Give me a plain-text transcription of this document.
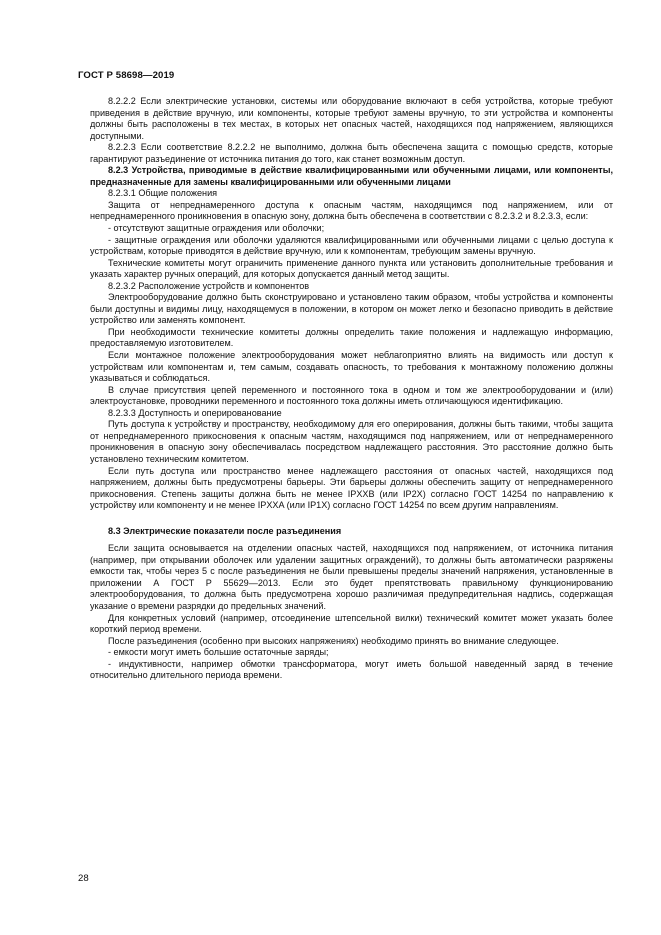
ГОСТ Р 58698—2019

8.2.2.2 Если электрические установки, системы или оборудование включают в себя устройства, которые требуют приведения в действие вручную, или компоненты, которые требуют замены вручную, то эти устройства и компоненты должны быть расположены в тех местах, в которых нет опасных частей, находящихся под напряжением, являющихся доступными.

8.2.2.3 Если соответствие 8.2.2.2 не выполнимо, должна быть обеспечена защита с помощью средств, которые гарантируют разъединение от источника питания до того, как станет возможным доступ.

8.2.3 Устройства, приводимые в действие квалифицированными или обученными лицами, или компоненты, предназначенные для замены квалифицированными или обученными лицами

8.2.3.1 Общие положения

Защита от непреднамеренного доступа к опасным частям, находящимся под напряжением, или от непреднамеренного проникновения в опасную зону, должна быть обеспечена в соответствии с 8.2.3.2 и 8.2.3.3, если:

- отсутствуют защитные ограждения или оболочки;

- защитные ограждения или оболочки удаляются квалифицированными или обученными лицами с целью доступа к устройствам, которые приводятся в действие вручную, или к компонентам, требующим замены вручную.

Технические комитеты могут ограничить применение данного пункта или установить дополнительные требования и указать характер ручных операций, для которых допускается данный метод защиты.

8.2.3.2 Расположение устройств и компонентов

Электрооборудование должно быть сконструировано и установлено таким образом, чтобы устройства и компоненты были доступны и видимы лицу, находящемуся в положении, в котором он может легко и безопасно приводить в действие устройство или заменять компонент.

При необходимости технические комитеты должны определить такие положения и надлежащую информацию, предоставляемую изготовителем.

Если монтажное положение электрооборудования может неблагоприятно влиять на видимость или доступ к устройствам или компонентам и, тем самым, создавать опасность, то требования к монтажному положению должны указываться и соблюдаться.

В случае присутствия цепей переменного и постоянного тока в одном и том же электрооборудовании и (или) электроустановке, проводники переменного и постоянного тока должны иметь отличающуюся идентификацию.

8.2.3.3 Доступность и оперированование

Путь доступа к устройству и пространству, необходимому для его оперирования, должны быть такими, чтобы защита от непреднамеренного прикосновения к опасным частям, находящимся под напряжением, или от непреднамеренного проникновения в опасную зону обеспечивалась посредством надлежащего расстояния. Это расстояние должно быть установлено техническим комитетом.

Если путь доступа или пространство менее надлежащего расстояния от опасных частей, находящихся под напряжением, должны быть предусмотрены барьеры. Эти барьеры должны обеспечить защиту от непреднамеренного прикосновения. Степень защиты должна быть не менее IPXXB (или IP2X) согласно ГОСТ 14254 по направлению к устройству или компоненту и не менее IPXXA (или IP1X) согласно ГОСТ 14254 по всем другим направлениям.

8.3 Электрические показатели после разъединения

Если защита основывается на отделении опасных частей, находящихся под напряжением, от источника питания (например, при открывании оболочек или удалении защитных ограждений), то должны быть автоматически разряжены емкости так, чтобы через 5 с после разъединения не были превышены пределы значений напряжения, установленные в приложении А ГОСТ Р 55629—2013. Если это будет препятствовать правильному функционированию электрооборудования, то должна быть предусмотрена хорошо различимая предупредительная надпись, содержащая указание о времени разрядки до предельных значений.

Для конкретных условий (например, отсоединение штепсельной вилки) технический комитет может указать более короткий период времени.

После разъединения (особенно при высоких напряжениях) необходимо принять во внимание следующее.

- емкости могут иметь большие остаточные заряды;

- индуктивности, например обмотки трансформатора, могут иметь большой наведенный заряд в течение относительно длительного периода времени.

28
